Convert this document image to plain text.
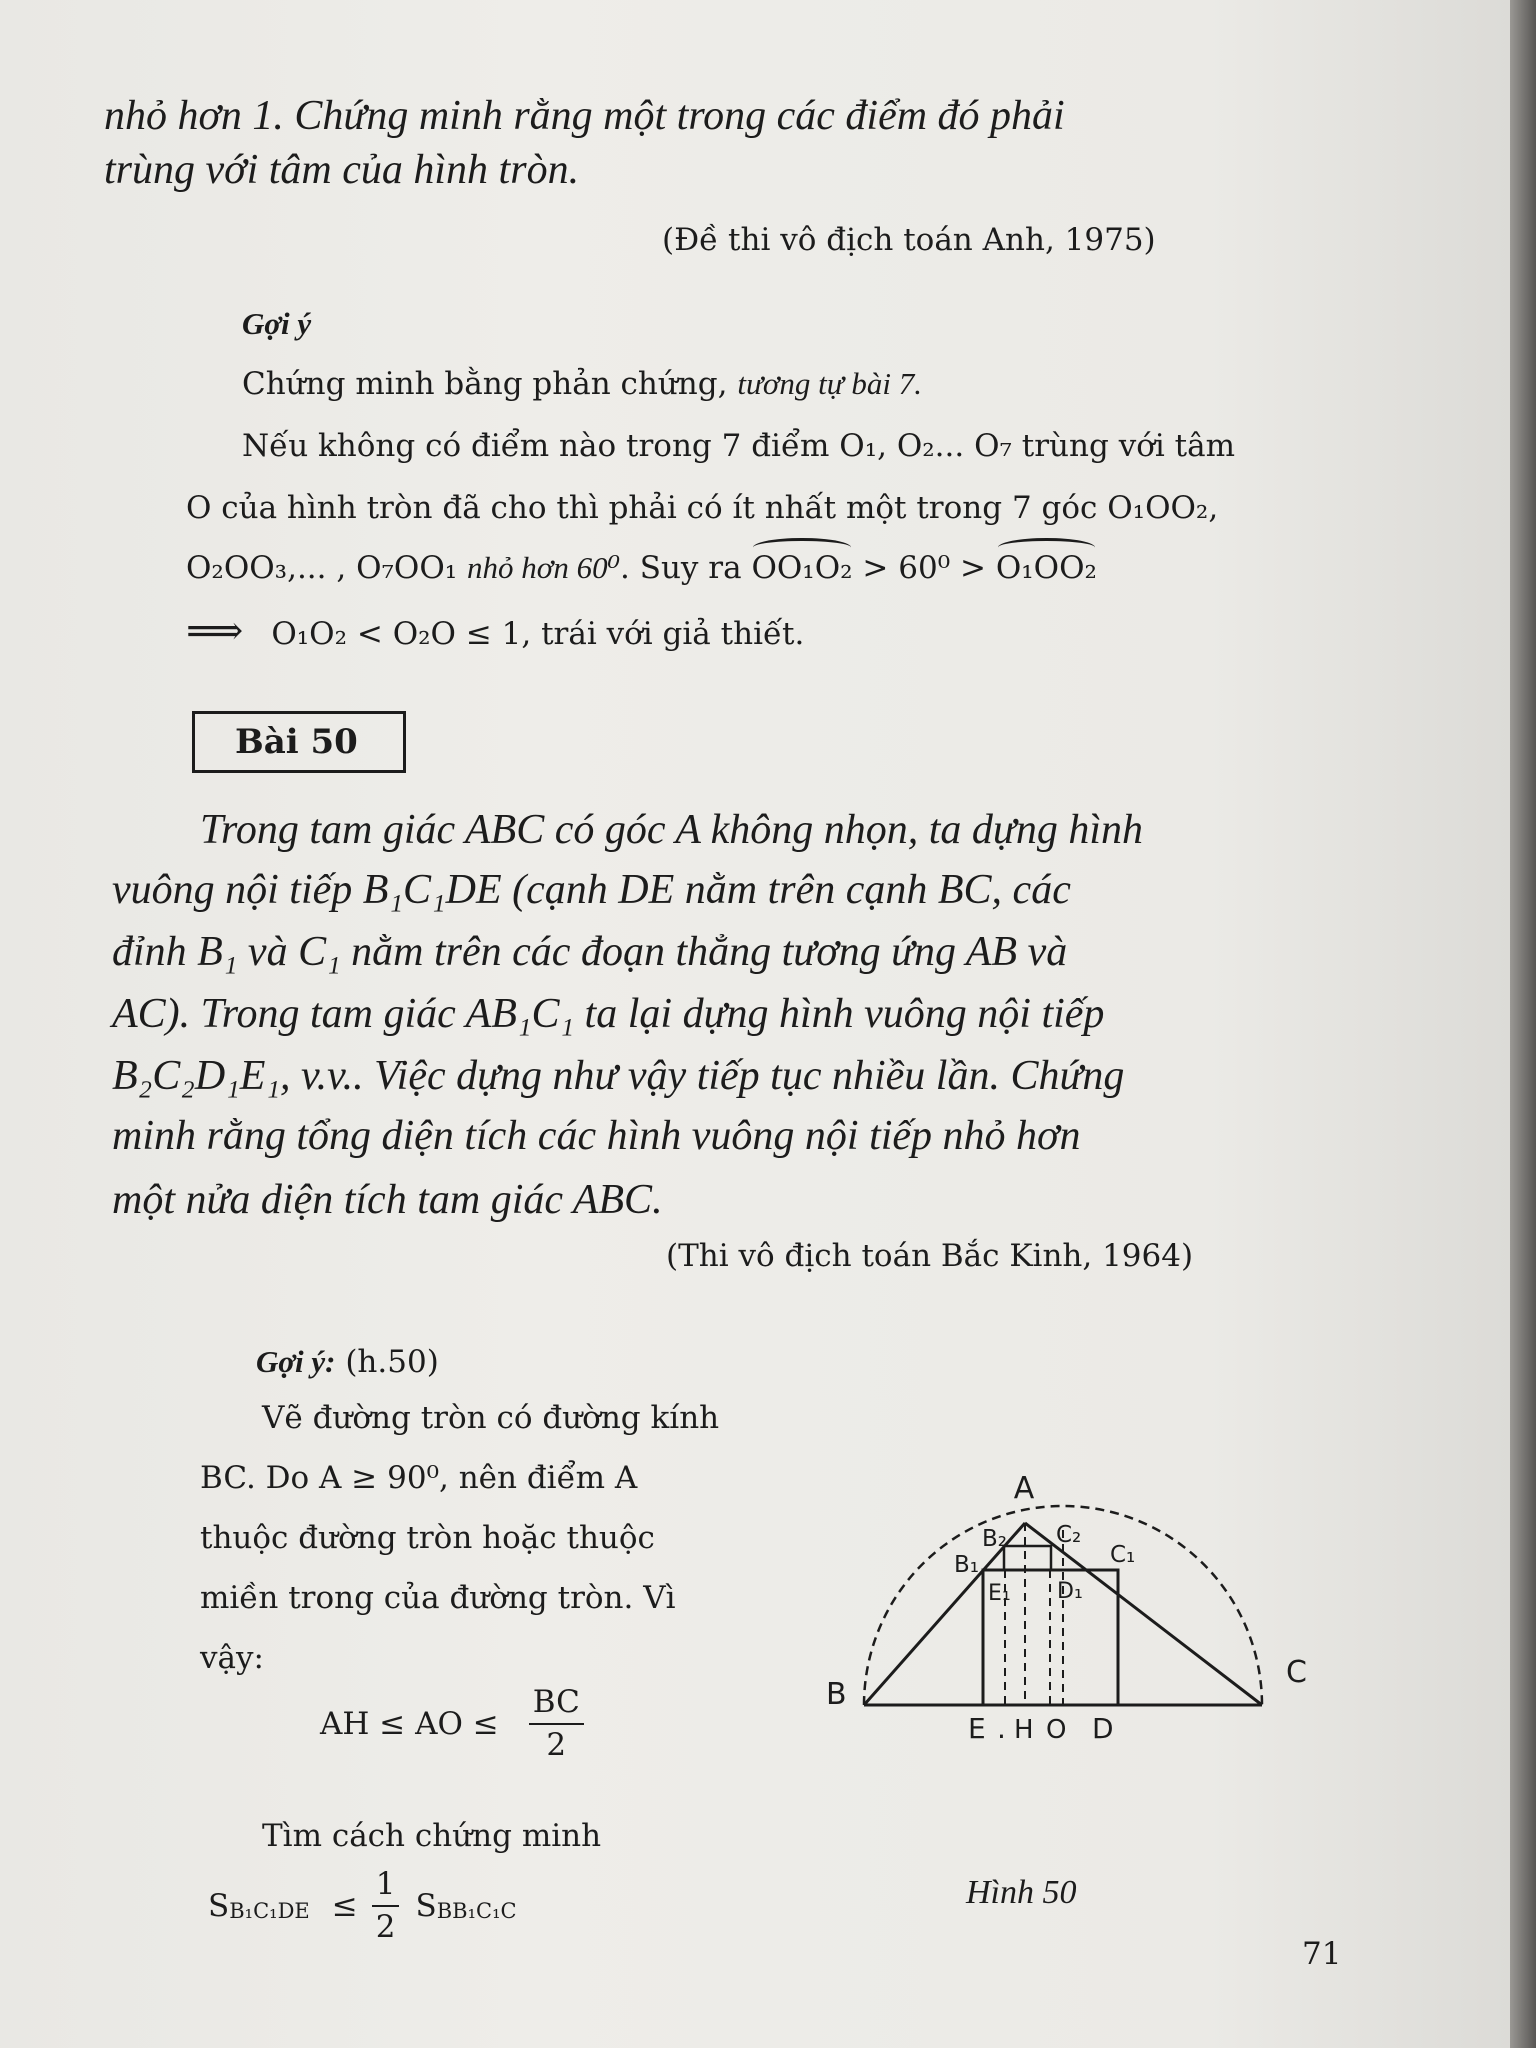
nhỏ hơn 1. Chứng minh rằng một trong các điểm đó phải
trùng với tâm của hình tròn.
(Đề thi vô địch toán Anh, 1975)
Gợi ý
Chứng minh bằng phản chứng, tương tự bài 7.
Nếu không có điểm nào trong 7 điểm O₁, O₂... O₇ trùng với tâm
O của hình tròn đã cho thì phải có ít nhất một trong 7 góc O₁OO₂,
O₂OO₃,... , O₇OO₁ nhỏ hơn 60⁰. Suy ra OO₁O₂ > 60⁰ > O₁OO₂
⟹ O₁O₂ < O₂O ≤ 1, trái với giả thiết.
Bài 50
Trong tam giác ABC có góc A không nhọn, ta dựng hình
vuông nội tiếp B₁C₁DE (cạnh DE nằm trên cạnh BC, các
đỉnh B₁ và C₁ nằm trên các đoạn thẳng tương ứng AB và
AC). Trong tam giác AB₁C₁ ta lại dựng hình vuông nội tiếp
B₂C₂D₁E₁, v.v.. Việc dựng như vậy tiếp tục nhiều lần. Chứng
minh rằng tổng diện tích các hình vuông nội tiếp nhỏ hơn
một nửa diện tích tam giác ABC.
(Thi vô địch toán Bắc Kinh, 1964)
Gợi ý: (h.50)
Vẽ đường tròn có đường kính
BC. Do A ≥ 90⁰, nên điểm A
thuộc đường tròn hoặc thuộc
miền trong của đường tròn. Vì
vậy:
AH ≤ AO ≤ $\frac{BC}{2}$
Tìm cách chứng minh
S $B_1C_1DE \le \frac{1}{2}$ S BB₁C₁C
A
B
C
B₁	C₁
B₂ C₂
E₁ D₁
E . H O D
Hình 50
71
